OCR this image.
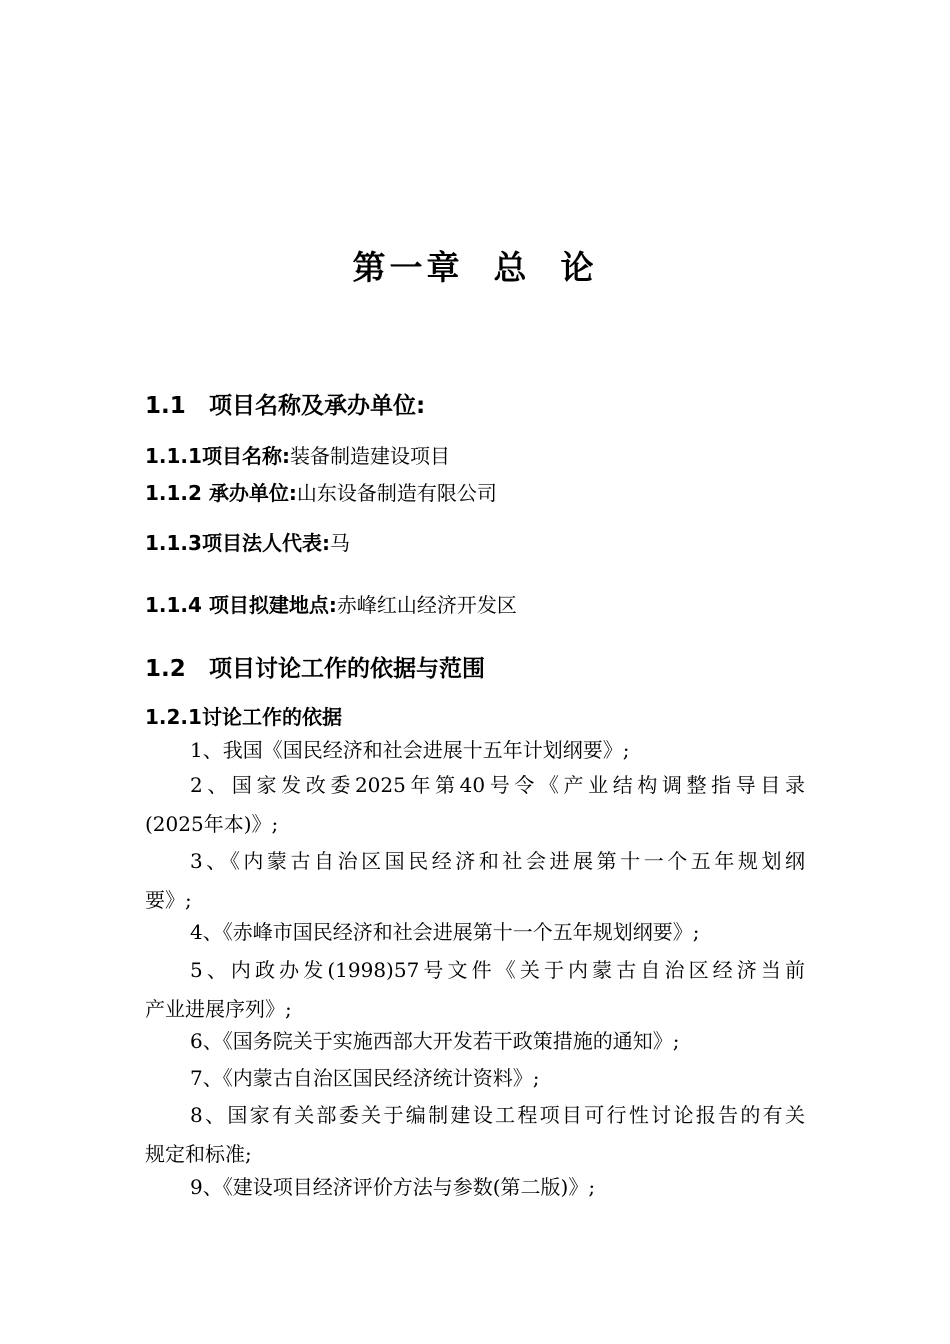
第一章 总 论
1.1 项目名称及承办单位:
1.1.1项目名称:装备制造建设项目
1.1.2 承办单位:山东设备制造有限公司
1.1.3项目法人代表:马
1.1.4 项目拟建地点:赤峰红山经济开发区
1.2 项目讨论工作的依据与范围
1.2.1讨论工作的依据
1、我国《国民经济和社会进展十五年计划纲要》;
2、国家发改委2025年第40号令《产业结构调整指导目录
(2025年本)》;
3、《内蒙古自治区国民经济和社会进展第十一个五年规划纲
要》;
4、《赤峰市国民经济和社会进展第十一个五年规划纲要》;
5、内政办发(1998)57号文件《关于内蒙古自治区经济当前
产业进展序列》;
6、《国务院关于实施西部大开发若干政策措施的通知》;
7、《内蒙古自治区国民经济统计资料》;
8、国家有关部委关于编制建设工程项目可行性讨论报告的有关
规定和标准;
9、《建设项目经济评价方法与参数(第二版)》;
